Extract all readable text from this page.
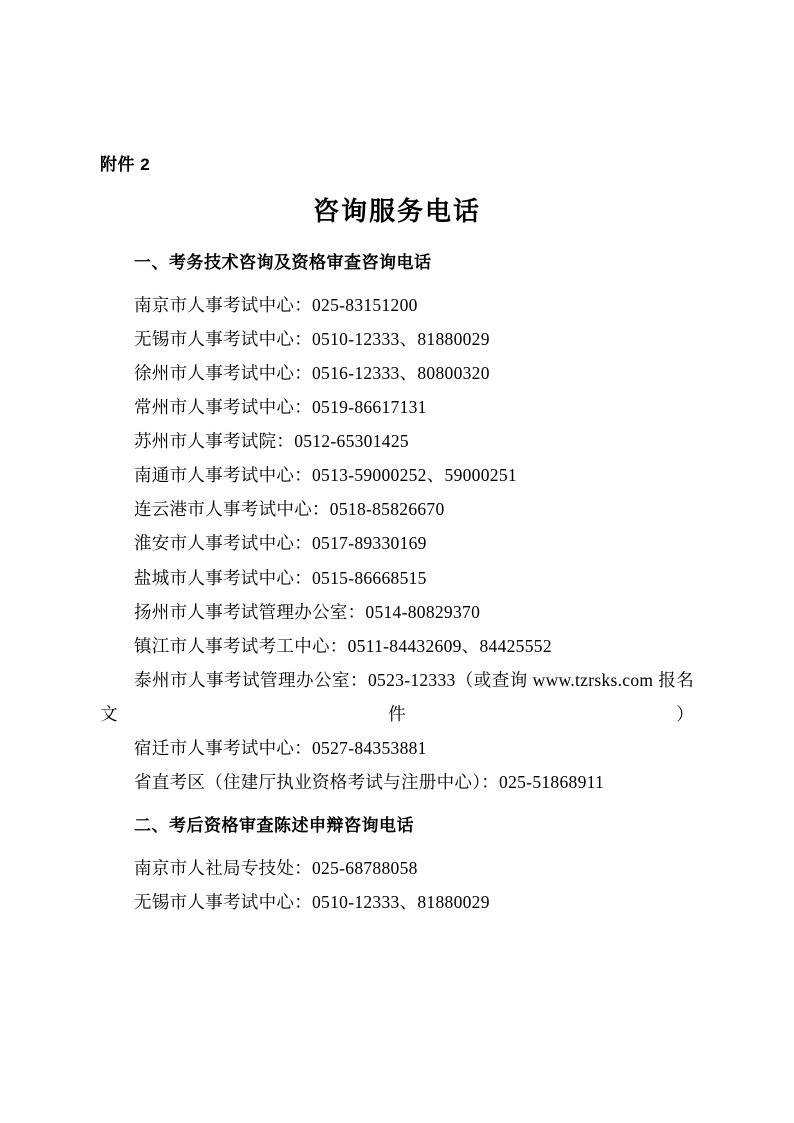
附件 2

咨询服务电话
一、考务技术咨询及资格审查咨询电话

南京市人事考试中心：025-83151200

无锡市人事考试中心：0510-12333、81880029

徐州市人事考试中心：0516-12333、80800320

常州市人事考试中心：0519-86617131

苏州市人事考试院：0512-65301425

南通市人事考试中心：0513-59000252、59000251

连云港市人事考试中心：0518-85826670

淮安市人事考试中心：0517-89330169

盐城市人事考试中心：0515-86668515

扬州市人事考试管理办公室：0514-80829370

镇江市人事考试考工中心：0511-84432609、84425552

泰州市人事考试管理办公室：0523-12333（或查询 www.tzrsks.com 报名文件）

宿迁市人事考试中心：0527-84353881

省直考区（住建厅执业资格考试与注册中心）：025-51868911

二、考后资格审查陈述申辩咨询电话

南京市人社局专技处：025-68788058

无锡市人事考试中心：0510-12333、81880029
